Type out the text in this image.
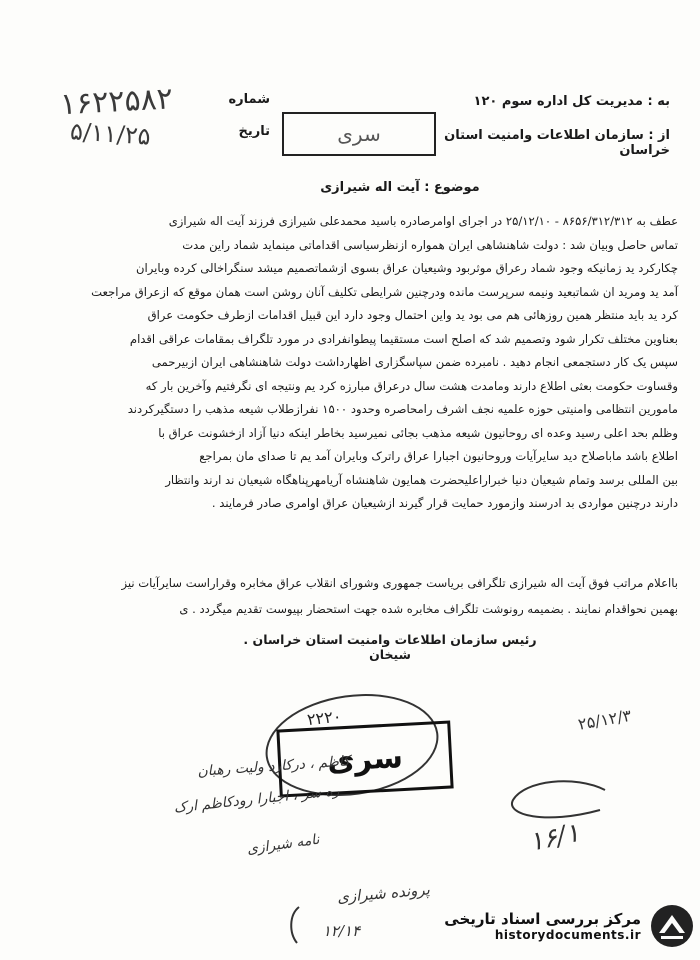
۱۶۲۲۵۸۲
۵/۱۱/۲۵
شماره
تاریخ
به : مدیریت کل اداره سوم ۱۲۰
از : سازمان اطلاعات وامنیت استان خراسان
سری
موضوع : آیت اله شیرازی

عطف به ۸۶۵۶/۳۱۲/۳۱۲ - ۲۵/۱۲/۱۰ در اجرای اوامرصادره باسید محمدعلی شیرازی فرزند آیت اله شیرازی

تماس حاصل وبیان شد : دولت شاهنشاهی ایران همواره ازنظرسیاسی اقداماتی مینماید شماد راین مدت

چکارکرد ید زمانیکه وجود شماد رعراق موثربود وشیعیان عراق بسوی ازشماتصمیم میشد سنگراخالی کرده وبایران

آمد ید ومرید ان شماتبعید ونیمه سرپرست مانده ودرچنین شرایطی تکلیف آنان روشن است همان موقع که ازعراق مراجعت

کرد ید باید منتظر همین روزهائی هم می بود ید واین احتمال وجود دارد این قبیل اقدامات ازطرف حکومت عراق

بعناوین مختلف تکرار شود وتصمیم شد که اصلح است مستقیما پیطوانفرادی در مورد تلگراف بمقامات عراقی اقدام

سپس یک کار دستجمعی انجام دهید . نامبرده ضمن سپاسگزاری اظهارداشت دولت شاهنشاهی ایران ازبیرحمی

وقساوت حکومت بعثی اطلاع دارند ومامدت هشت سال درعراق مبارزه کرد یم ونتیجه ای نگرفتیم وآخرین بار که

مامورین انتظامی وامنیتی حوزه علمیه نجف اشرف رامحاصره وحدود ۱۵۰۰ نفرازطلاب شیعه مذهب را دستگیرکردند

وظلم بحد اعلی رسید وعده ای روحانیون شیعه مذهب بجائی نمیرسید بخاطر اینکه دنیا آزاد ازخشونت عراق با

اطلاع باشد ماباصلاح دید سایرآیات وروحانیون اجبارا عراق راترک وبایران آمد یم تا صدای مان بمراجع

بین المللی برسد وتمام شیعیان دنیا خبراراعلیحضرت همایون شاهنشاه آریامهرپناهگاه شیعیان ند ارند وانتظار

دارند درچنین مواردی بد ادرسند وازمورد حمایت قرار گیرند ازشیعیان عراق اوامری صادر فرمایند .

بااعلام مراتب فوق آیت اله شیرازی تلگرافی بریاست جمهوری وشورای انقلاب عراق مخابره وقراراست سایرآیات نیز

بهمین نحواقدام نمایند . بضمیمه رونوشت تلگراف مخابره شده جهت استحضار بپیوست تقدیم میگردد . ی

رئیس سازمان اطلاعات وامنیت استان خراسان . شیخان
۲۲۲۰
سری
۲۵/۱۲/۳
کاظم ، درکارد ولیت رهبان
ره سر ، اجبارا رودکاظم ارک
نامه شیرازی
پرونده شیرازی
۱۲/۱۴
۱۶/۱
مرکز بررسی اسناد تاریخی
historydocuments.ir
